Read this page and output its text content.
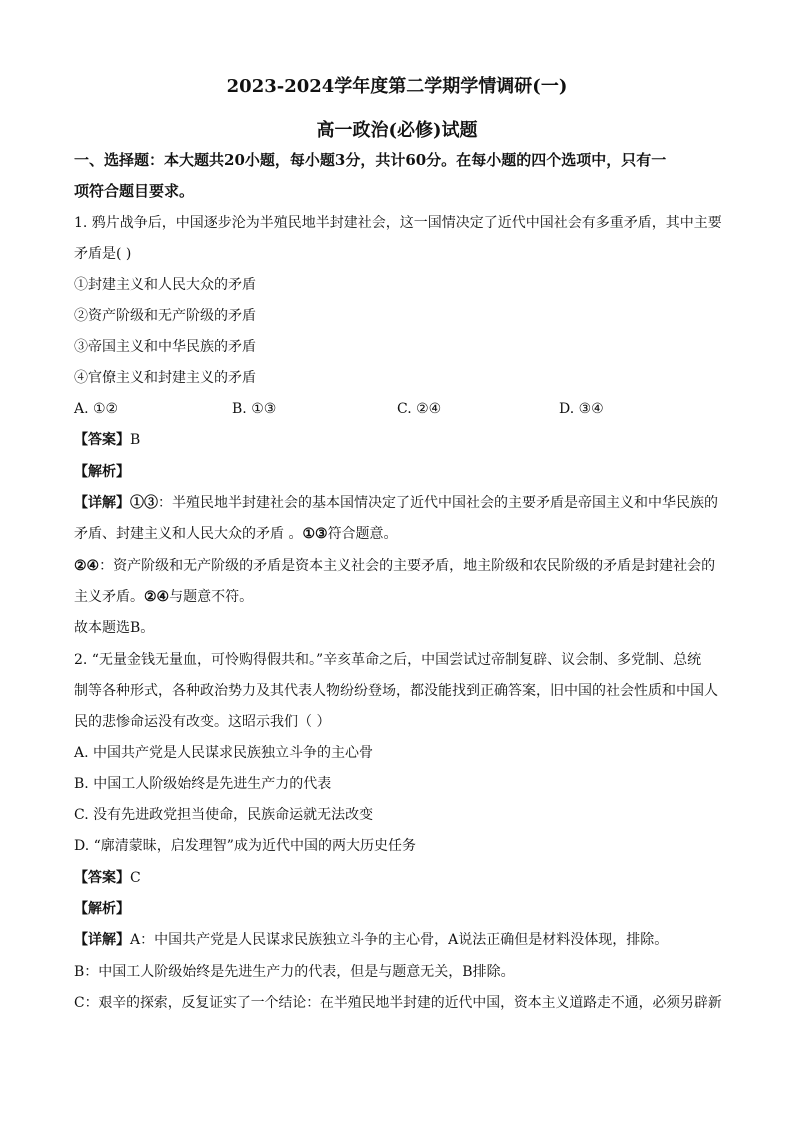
2023-2024学年度第二学期学情调研(一)
高一政治(必修)试题
一、选择题：本大题共20小题，每小题3分，共计60分。在每小题的四个选项中，只有一
项符合题目要求。
1. 鸦片战争后，中国逐步沦为半殖民地半封建社会，这一国情决定了近代中国社会有多重矛盾，其中主要
矛盾是( )
①封建主义和人民大众的矛盾
②资产阶级和无产阶级的矛盾
③帝国主义和中华民族的矛盾
④官僚主义和封建主义的矛盾
A. ①②	B. ①③	C. ②④	D. ③④
【答案】B
【解析】
【详解】①③：半殖民地半封建社会的基本国情决定了近代中国社会的主要矛盾是帝国主义和中华民族的
矛盾、封建主义和人民大众的矛盾 。①③符合题意。
②④：资产阶级和无产阶级的矛盾是资本主义社会的主要矛盾，地主阶级和农民阶级的矛盾是封建社会的
主义矛盾。②④与题意不符。
故本题选B。
2. “无量金钱无量血，可怜购得假共和。”辛亥革命之后，中国尝试过帝制复辟、议会制、多党制、总统
制等各种形式，各种政治势力及其代表人物纷纷登场，都没能找到正确答案，旧中国的社会性质和中国人
民的悲惨命运没有改变。这昭示我们（ ）
A. 中国共产党是人民谋求民族独立斗争的主心骨
B. 中国工人阶级始终是先进生产力的代表
C. 没有先进政党担当使命，民族命运就无法改变
D. “廓清蒙昧，启发理智”成为近代中国的两大历史任务
【答案】C
【解析】
【详解】A：中国共产党是人民谋求民族独立斗争的主心骨，A说法正确但是材料没体现，排除。
B：中国工人阶级始终是先进生产力的代表，但是与题意无关，B排除。
C：艰辛的探索，反复证实了一个结论：在半殖民地半封建的近代中国，资本主义道路走不通，必须另辟新
